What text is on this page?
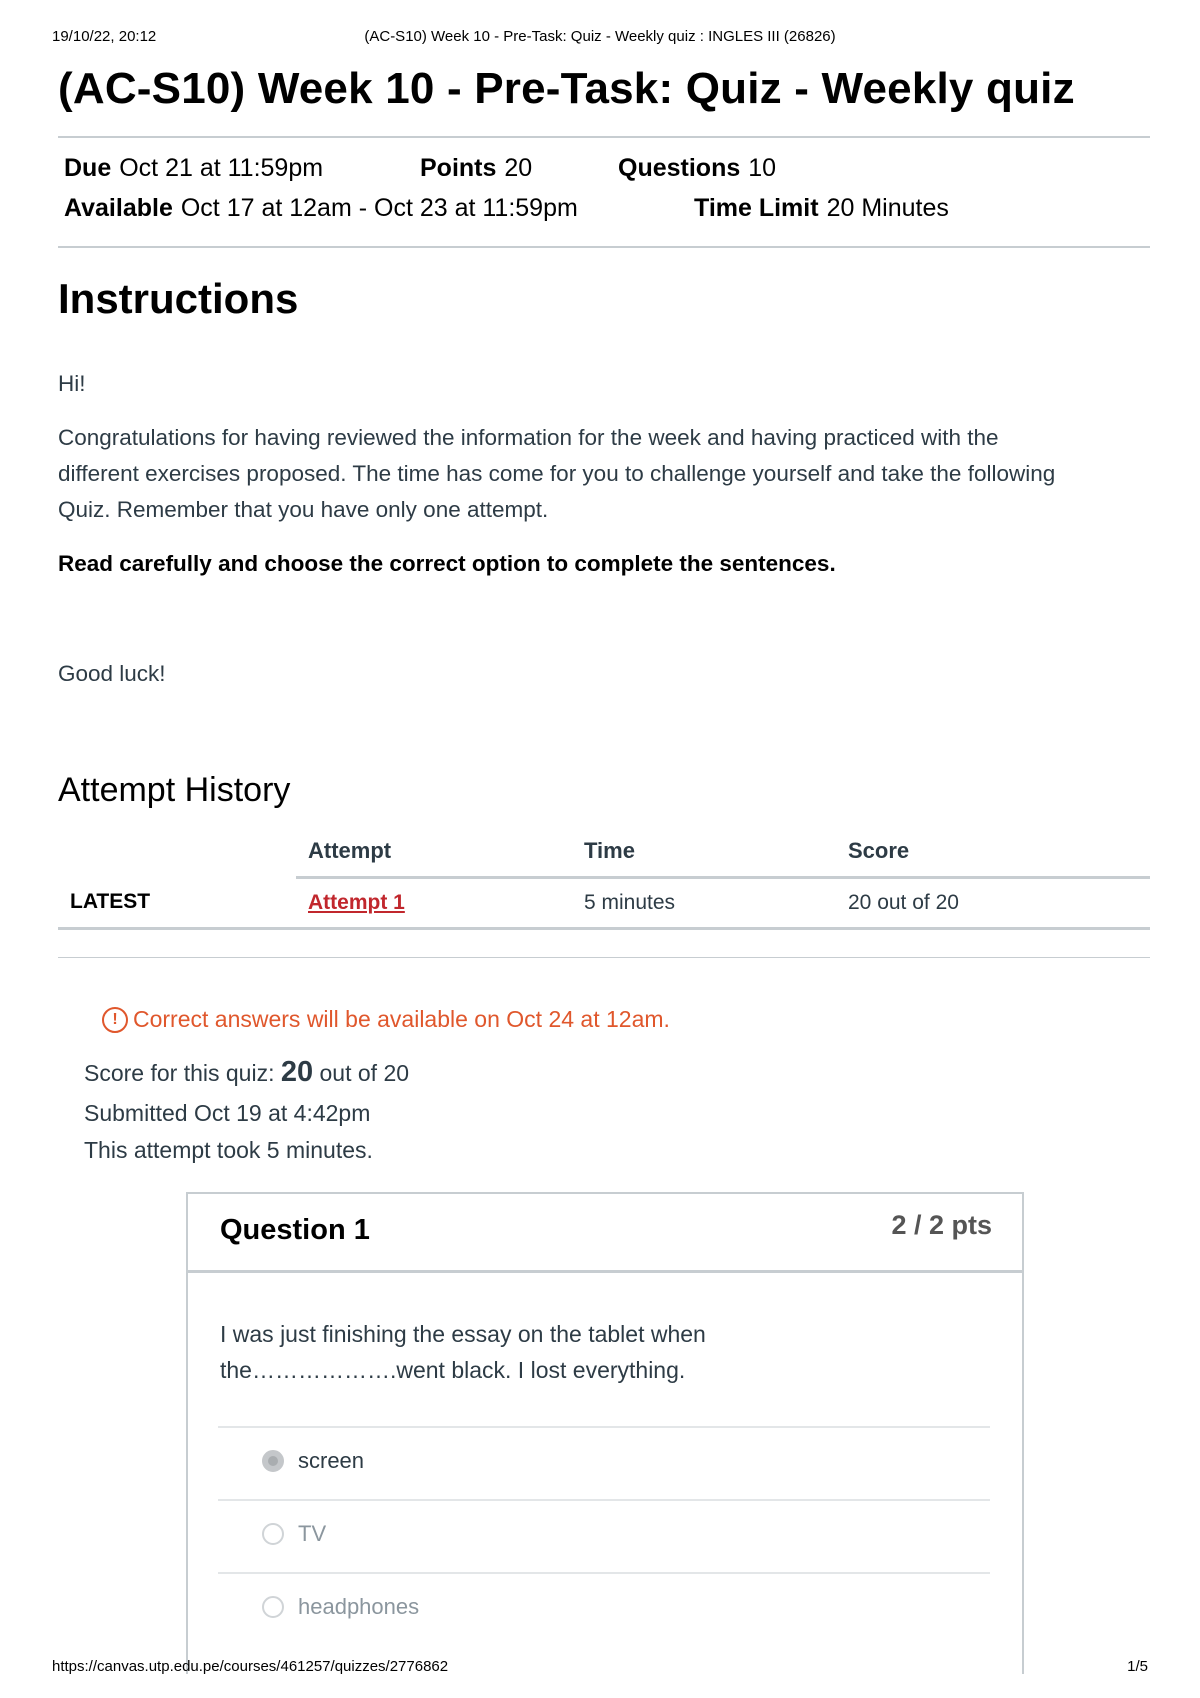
19/10/22, 20:12	(AC-S10) Week 10 - Pre-Task: Quiz - Weekly quiz : INGLES III (26826)
(AC-S10) Week 10 - Pre-Task: Quiz - Weekly quiz
Due Oct 21 at 11:59pm	Points 20	Questions 10
Available Oct 17 at 12am - Oct 23 at 11:59pm	Time Limit 20 Minutes
Instructions
Hi!
Congratulations for having reviewed the information for the week and having practiced with the
different exercises proposed. The time has come for you to challenge yourself and take the following
Quiz. Remember that you have only one attempt.
Read carefully and choose the correct option to complete the sentences.
Good luck!
Attempt History
	Attempt	Time	Score
LATEST	Attempt 1	5 minutes	20 out of 20
! Correct answers will be available on Oct 24 at 12am.
Score for this quiz: 20 out of 20
Submitted Oct 19 at 4:42pm
This attempt took 5 minutes.
Question 1	2 / 2 pts
I was just finishing the essay on the tablet when
the……………….went black. I lost everything.
screen
TV
headphones
https://canvas.utp.edu.pe/courses/461257/quizzes/2776862	1/5
